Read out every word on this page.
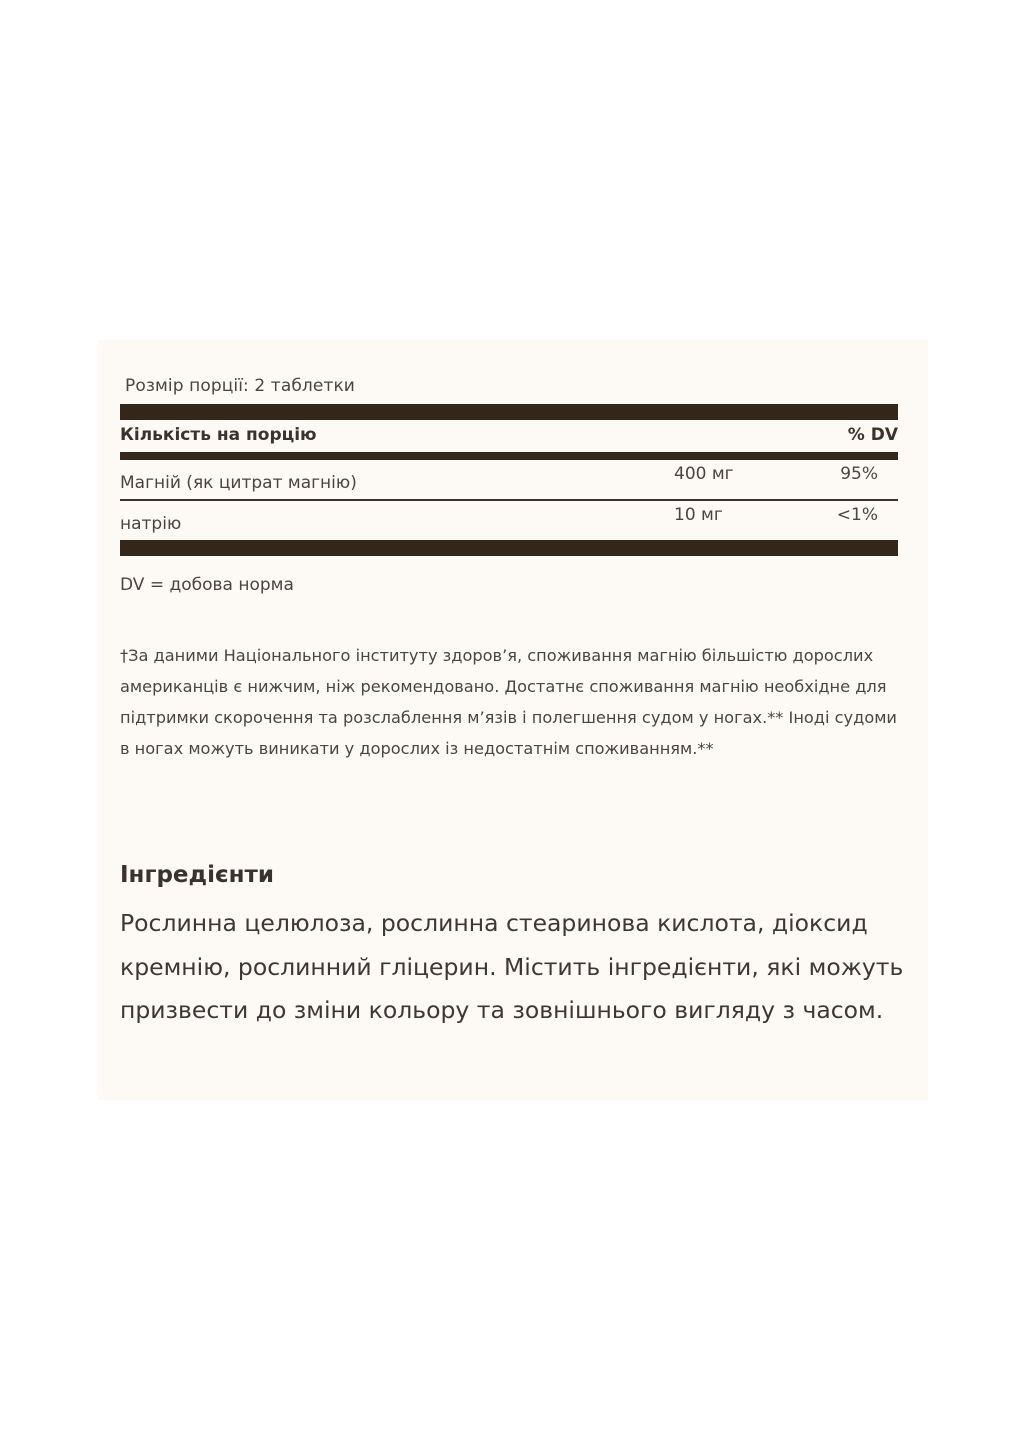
Розмір порції: 2 таблетки
Кількість на порцію	% DV
Магній (як цитрат магнію)	400 мг	95%
натрію	10 мг	<1%
DV = добова норма
†За даними Національного інституту здоров’я, споживання магнію більшістю дорослих американців є нижчим, ніж рекомендовано. Достатнє споживання магнію необхідне для підтримки скорочення та розслаблення м’язів і полегшення судом у ногах.** Іноді судоми в ногах можуть виникати у дорослих із недостатнім споживанням.**
Інгредієнти
Рослинна целюлоза, рослинна стеаринова кислота, діоксид кремнію, рослинний гліцерин. Містить інгредієнти, які можуть призвести до зміни кольору та зовнішнього вигляду з часом.
